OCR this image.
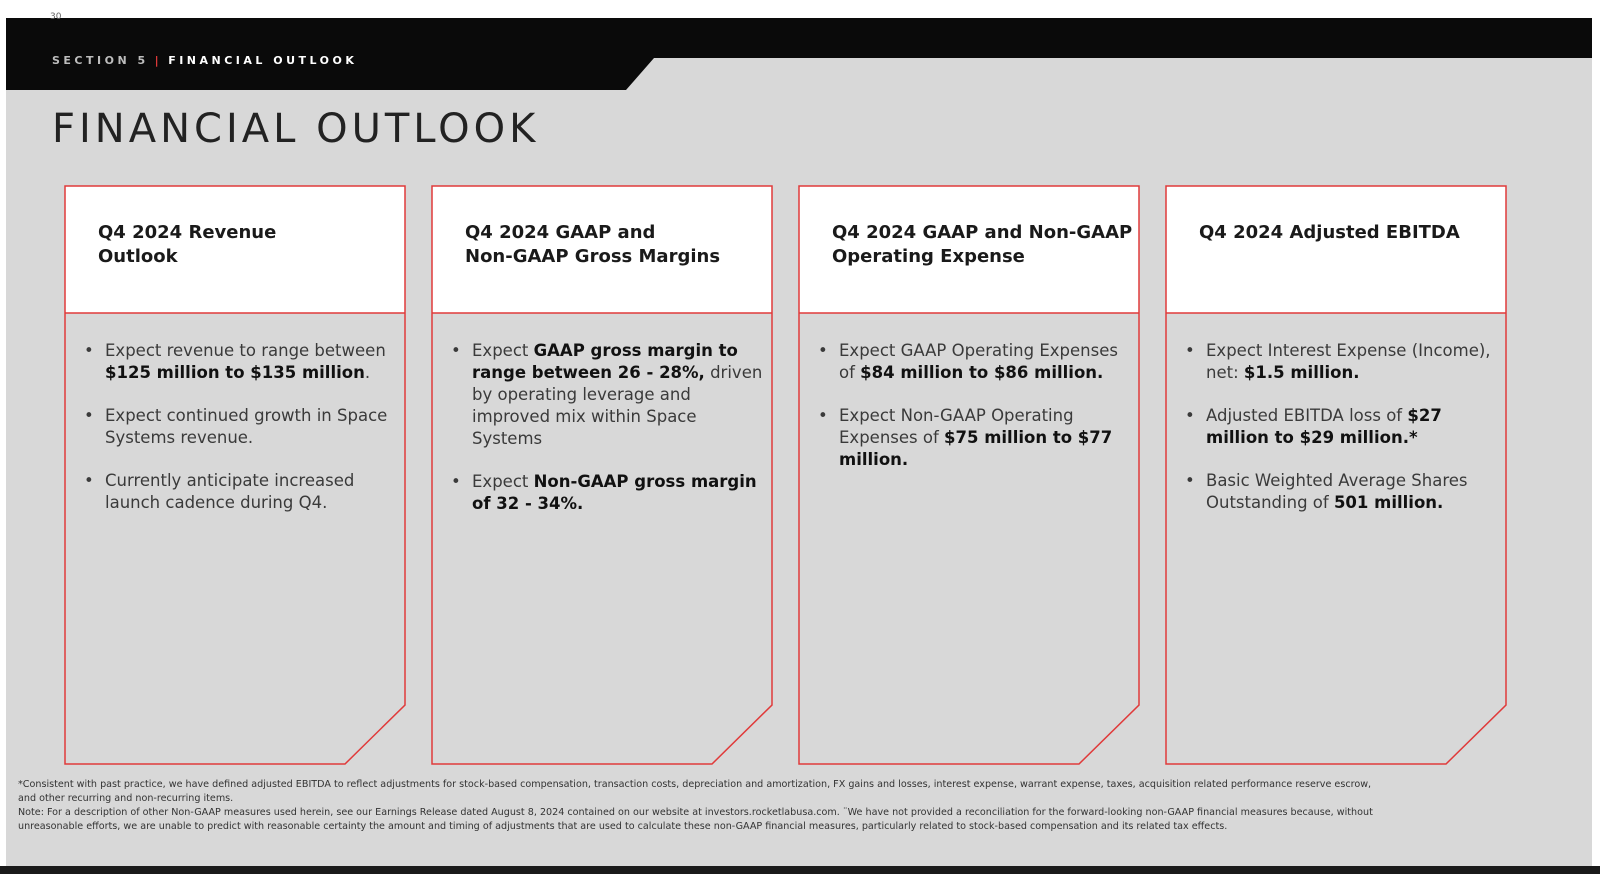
30
SECTION 5 | FINANCIAL OUTLOOK
FINANCIAL OUTLOOK
Q4 2024 Revenue
Outlook
• Expect revenue to range between $125 million to $135 million.
• Expect continued growth in Space Systems revenue.
• Currently anticipate increased launch cadence during Q4.
Q4 2024 GAAP and
Non-GAAP Gross Margins
• Expect GAAP gross margin to range between 26 - 28%, driven by operating leverage and improved mix within Space Systems
• Expect Non-GAAP gross margin of 32 - 34%.
Q4 2024 GAAP and Non-GAAP
Operating Expense
• Expect GAAP Operating Expenses of $84 million to $86 million.
• Expect Non-GAAP Operating Expenses of $75 million to $77 million.
Q4 2024 Adjusted EBITDA
• Expect Interest Expense (Income), net: $1.5 million.
• Adjusted EBITDA loss of $27 million to $29 million.*
• Basic Weighted Average Shares Outstanding of 501 million.
*Consistent with past practice, we have defined adjusted EBITDA to reflect adjustments for stock-based compensation, transaction costs, depreciation and amortization, FX gains and losses, interest expense, warrant expense, taxes, acquisition related performance reserve escrow,
and other recurring and non-recurring items.
Note: For a description of other Non-GAAP measures used herein, see our Earnings Release dated August 8, 2024 contained on our website at investors.rocketlabusa.com. ¨We have not provided a reconciliation for the forward-looking non-GAAP financial measures because, without
unreasonable efforts, we are unable to predict with reasonable certainty the amount and timing of adjustments that are used to calculate these non-GAAP financial measures, particularly related to stock-based compensation and its related tax effects.
